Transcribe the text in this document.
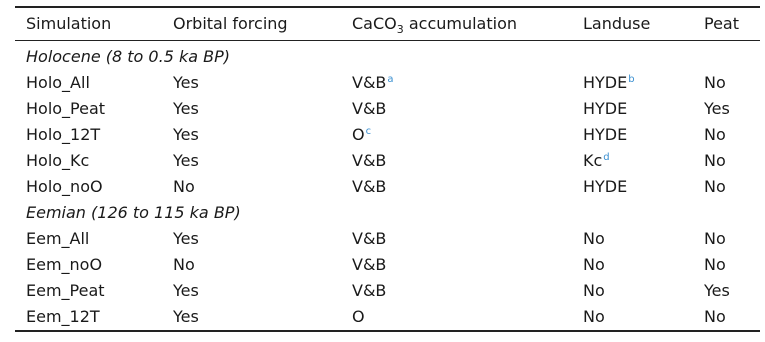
Simulation	Orbital forcing	CaCO$_3$ accumulation	Landuse	Peat
Holocene (8 to 0.5 ka BP)
Holo_All	Yes	V&B$^a$	HYDE$^b$	No
Holo_Peat	Yes	V&B	HYDE	Yes
Holo_12T	Yes	O$^c$	HYDE	No
Holo_Kc	Yes	V&B	Kc$^d$	No
Holo_noO	No	V&B	HYDE	No
Eemian (126 to 115 ka BP)
Eem_All	Yes	V&B	No	No
Eem_noO	No	V&B	No	No
Eem_Peat	Yes	V&B	No	Yes
Eem_12T	Yes	O	No	No
